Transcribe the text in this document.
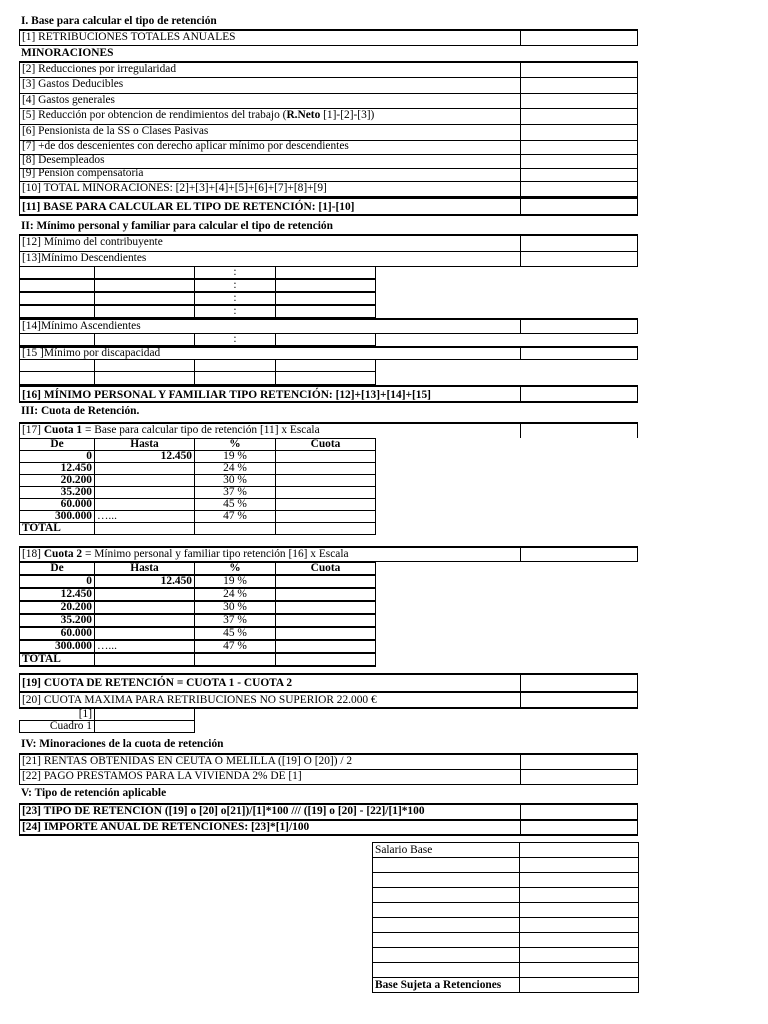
I. Base para calcular el tipo de retención
[1] RETRIBUCIONES TOTALES ANUALES
MINORACIONES
[2] Reducciones por irregularidad
[3] Gastos Deducibles
[4] Gastos generales
[5] Reducción por obtencion de rendimientos del trabajo (R.Neto [1]-[2]-[3])
[6] Pensionista de la SS o Clases Pasivas
[7] +de dos descenientes con derecho aplicar mínimo por descendientes
[8] Desempleados
[9] Pensión compensatoria
[10] TOTAL MINORACIONES: [2]+[3]+[4]+[5]+[6]+[7]+[8]+[9]
[11] BASE PARA CALCULAR EL TIPO DE RETENCIÓN: [1]-[10]
II: Mínimo personal y familiar para calcular el tipo de retención
[12] Mínimo del contribuyente
[13]Mínimo Descendientes
		:	
		:	
		:	
		:	
[14]Mínimo Ascendientes
		:	
[15 ]Mínimo por discapacidad

[16] MÍNIMO PERSONAL Y FAMILIAR TIPO RETENCIÓN: [12]+[13]+[14]+[15]
III: Cuota de Retención.
[17] Cuota 1 = Base para calcular tipo de retención [11] x Escala
De	Hasta	%	Cuota
0	12.450	19 %	
12.450		24 %	
20.200		30 %	
35.200		37 %	
60.000		45 %	
300.000	…...	47 %	
TOTAL			
[18] Cuota 2 = Mínimo personal y familiar tipo retención [16] x Escala
De	Hasta	%	Cuota
0	12.450	19 %	
12.450		24 %	
20.200		30 %	
35.200		37 %	
60.000		45 %	
300.000	…...	47 %	
TOTAL			
[19] CUOTA DE RETENCIÓN = CUOTA 1 - CUOTA 2
[20] CUOTA MAXIMA PARA RETRIBUCIONES NO SUPERIOR 22.000 €
[1]	
Cuadro 1	
IV: Minoraciones de la cuota de retención
[21] RENTAS OBTENIDAS EN CEUTA O MELILLA ([19] O [20]) / 2
[22] PAGO PRESTAMOS PARA LA VIVIENDA 2% DE [1]
V: Tipo de retención aplicable
[23] TIPO DE RETENCIÓN ([19] o [20] o[21])/[1]*100 /// ([19] o [20] - [22]/[1]*100
[24] IMPORTE ANUAL DE RETENCIONES: [23]*[1]/100
Salario Base	

Base Sujeta a Retenciones	
